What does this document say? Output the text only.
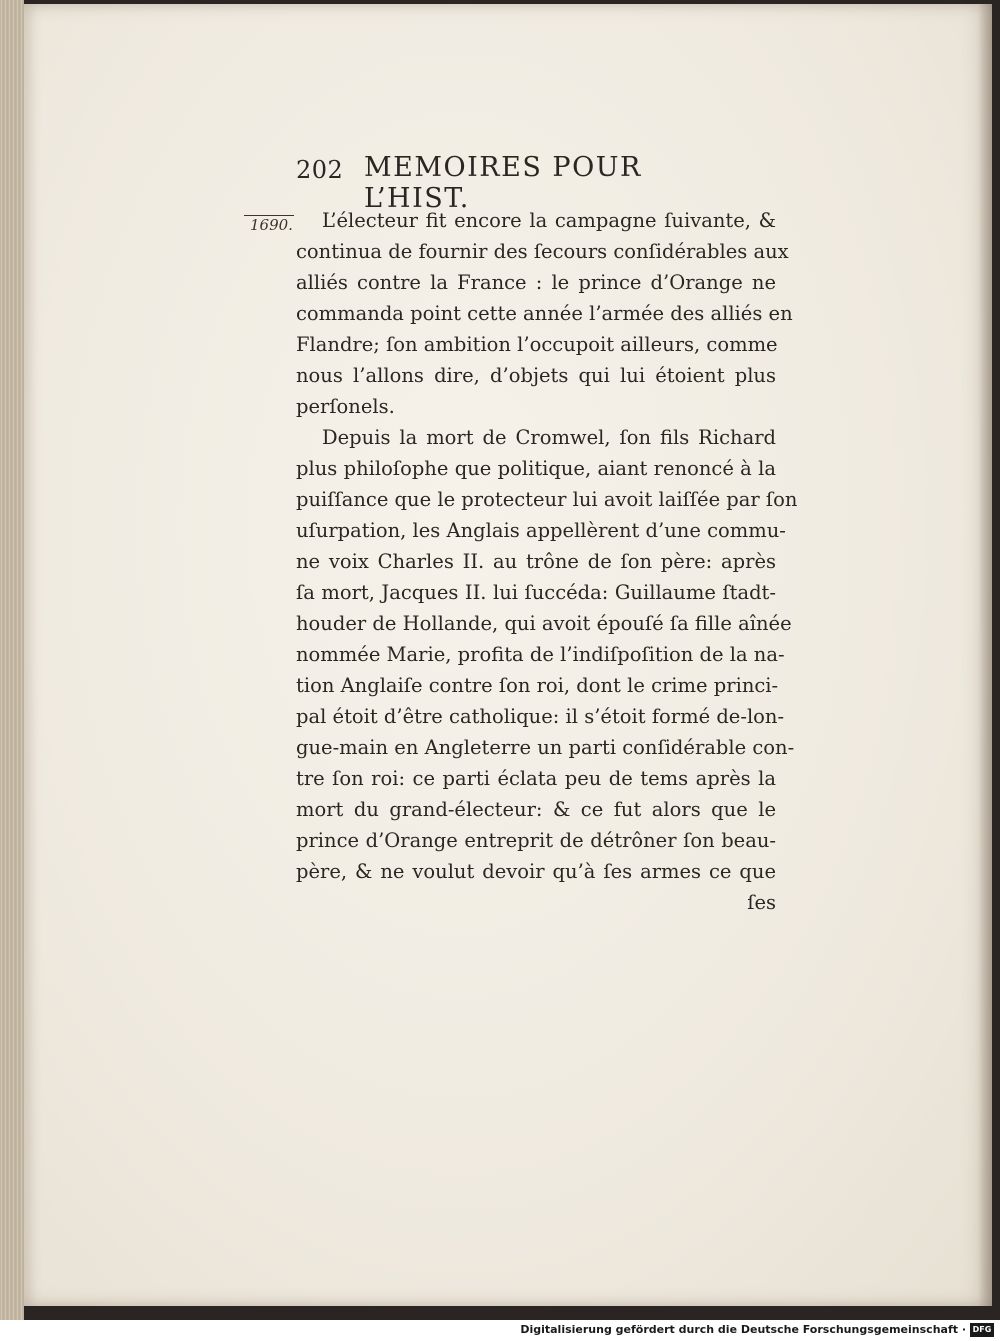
202 MEMOIRES POUR L’HIST.
1690.	L’électeur fit encore la campagne ſuivante, &
continua de fournir des ſecours conſidérables aux
alliés contre la France : le prince d’Orange ne
commanda point cette année l’armée des alliés en
Flandre; ſon ambition l’occupoit ailleurs, comme
nous l’allons dire, d’objets qui lui étoient plus
perſonels.
Depuis la mort de Cromwel, ſon fils Richard
plus philoſophe que politique, aiant renoncé à la
puiſſance que le protecteur lui avoit laiſſée par ſon
uſurpation, les Anglais appellèrent d’une commu-
ne voix Charles II. au trône de ſon père: après
ſa mort, Jacques II. lui ſuccéda: Guillaume ſtadt-
houder de Hollande, qui avoit épouſé ſa fille aînée
nommée Marie, profita de l’indiſpoſition de la na-
tion Anglaiſe contre ſon roi, dont le crime princi-
pal étoit d’être catholique: il s’étoit formé de-lon-
gue-main en Angleterre un parti conſidérable con-
tre ſon roi: ce parti éclata peu de tems après la
mort du grand-électeur: & ce fut alors que le
prince d’Orange entreprit de détrôner ſon beau-
père, & ne voulut devoir qu’à ſes armes ce que
ſes
Digitalisierung gefördert durch die Deutsche Forschungsgemeinschaft · DFG
